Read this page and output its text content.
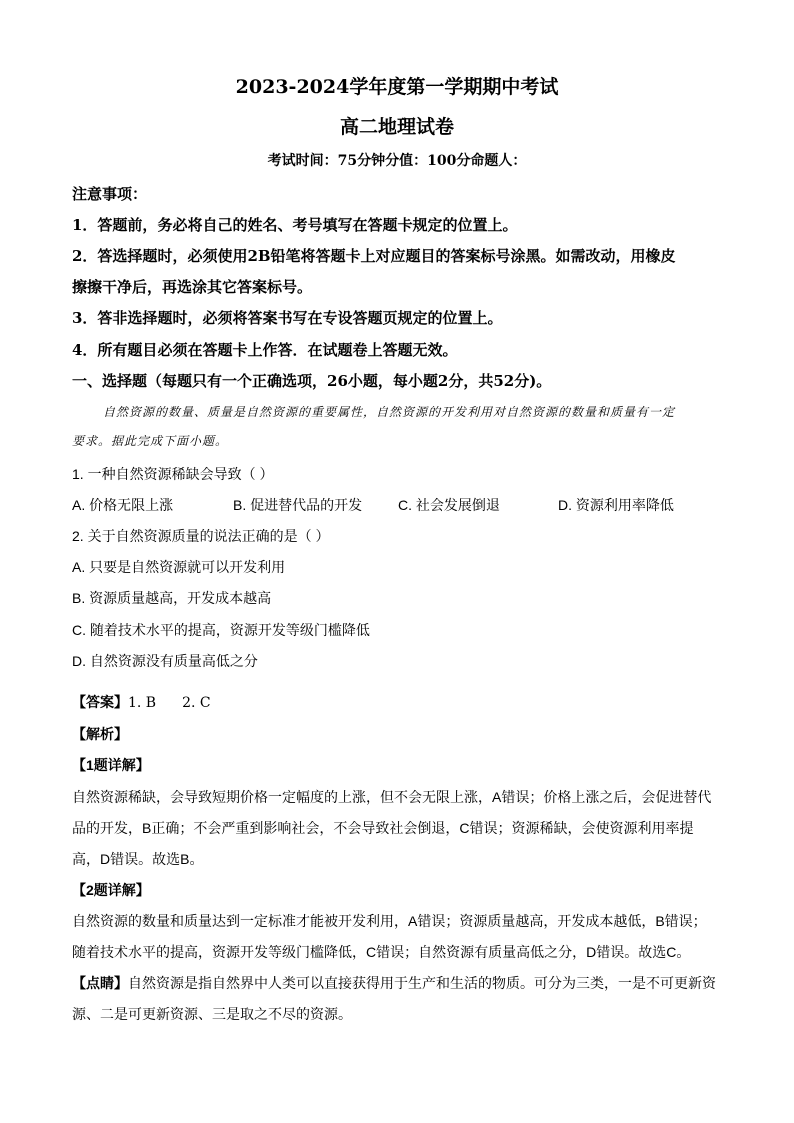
2023-2024学年度第一学期期中考试

高二地理试卷

考试时间：75分钟分值：100分命题人：

注意事项：

1．答题前，务必将自己的姓名、考号填写在答题卡规定的位置上。

2．答选择题时，必须使用2B铅笔将答题卡上对应题目的答案标号涂黑。如需改动，用橡皮

擦擦干净后，再选涂其它答案标号。

3．答非选择题时，必须将答案书写在专设答题页规定的位置上。

4．所有题目必须在答题卡上作答．在试题卷上答题无效。

一、选择题（每题只有一个正确选项，26小题，每小题2分，共52分)。

自然资源的数量、质量是自然资源的重要属性，自然资源的开发利用对自然资源的数量和质量有一定

要求。据此完成下面小题。

1. 一种自然资源稀缺会导致（ ）

A. 价格无限上涨	B. 促进替代品的开发	C. 社会发展倒退	D. 资源利用率降低

2. 关于自然资源质量的说法正确的是（ ）

A. 只要是自然资源就可以开发利用

B. 资源质量越高，开发成本越高

C. 随着技术水平的提高，资源开发等级门槛降低

D. 自然资源没有质量高低之分

【答案】1. B 2. C

【解析】

【1题详解】

自然资源稀缺，会导致短期价格一定幅度的上涨，但不会无限上涨，A错误；价格上涨之后，会促进替代

品的开发，B正确；不会严重到影响社会，不会导致社会倒退，C错误；资源稀缺，会使资源利用率提

高，D错误。故选B。

【2题详解】

自然资源的数量和质量达到一定标准才能被开发利用，A错误；资源质量越高，开发成本越低，B错误；

随着技术水平的提高，资源开发等级门槛降低，C错误；自然资源有质量高低之分，D错误。故选C。

【点睛】自然资源是指自然界中人类可以直接获得用于生产和生活的物质。可分为三类，一是不可更新资

源、二是可更新资源、三是取之不尽的资源。
